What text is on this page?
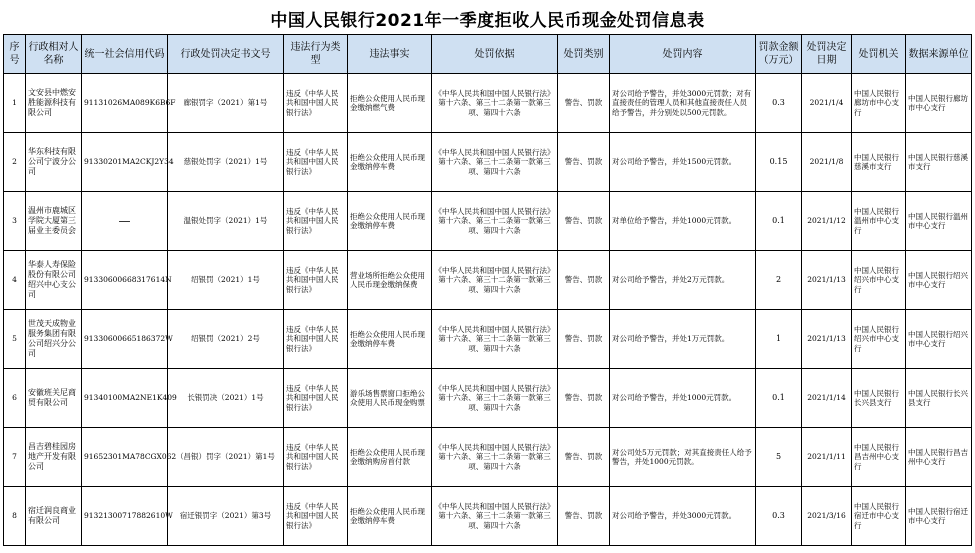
中国人民银行2021年一季度拒收人民币现金处罚信息表
序号	行政相对人名称	统一社会信用代码	行政处罚决定书文号	违法行为类型	违法事实	处罚依据	处罚类别	处罚内容	罚款金额（万元）	处罚决定日期	处罚机关	数据来源单位
1	文安县中燃安胜能源科技有限公司	91131026MA089K6B6F	廊银罚字（2021）第1号	违反《中华人民共和国中国人民银行法》	拒绝公众使用人民币现金缴纳燃气费	《中华人民共和国中国人民银行法》第十六条、第三十二条第一款第三项、第四十六条	警告、罚款	对公司给予警告，并处3000元罚款；对有直接责任的管理人员和其他直接责任人员给予警告，并分别处以500元罚款。	0.3	2021/1/4	中国人民银行廊坊市中心支行	中国人民银行廊坊市中心支行
2	华东科技有限公司宁波分公司	91330201MA2CKJ2Y34	慈银处罚字（2021）1号	违反《中华人民共和国中国人民银行法》	拒绝公众使用人民币现金缴纳停车费	《中华人民共和国中国人民银行法》第十六条、第三十二条第一款第三项、第四十六条	警告、罚款	对公司给予警告，并处1500元罚款。	0.15	2021/1/8	中国人民银行慈溪市支行	中国人民银行慈溪市支行
3	温州市鹿城区学院大厦第三届业主委员会	—	温银处罚字（2021）1号	违反《中华人民共和国中国人民银行法》	拒绝公众使用人民币现金缴纳停车费	《中华人民共和国中国人民银行法》第十六条、第三十二条第一款第三项、第四十六条	警告、罚款	对单位给予警告，并处1000元罚款。	0.1	2021/1/12	中国人民银行温州市中心支行	中国人民银行温州市中心支行
4	华泰人寿保险股份有限公司绍兴中心支公司	91330600668317614N	绍银罚（2021）1号	违反《中华人民共和国中国人民银行法》	营业场所拒绝公众使用人民币现金缴纳保费	《中华人民共和国中国人民银行法》第十六条、第三十二条第一款第三项、第四十六条	警告、罚款	对公司给予警告，并处2万元罚款。	2	2021/1/13	中国人民银行绍兴市中心支行	中国人民银行绍兴市中心支行
5	世茂天成物业服务集团有限公司绍兴分公司	91330600665186372W	绍银罚（2021）2号	违反《中华人民共和国中国人民银行法》	拒绝公众使用人民币现金缴纳停车费	《中华人民共和国中国人民银行法》第十六条、第三十二条第一款第三项、第四十六条	警告、罚款	对公司给予警告，并处1万元罚款。	1	2021/1/13	中国人民银行绍兴市中心支行	中国人民银行绍兴市中心支行
6	安徽班关尼商贸有限公司	91340100MA2NE1K409	长银罚决（2021）1号	违反《中华人民共和国中国人民银行法》	游乐场售票窗口拒绝公众使用人民币现金购票	《中华人民共和国中国人民银行法》第十六条、第三十二条第一款第三项、第四十六条	警告、罚款	对公司给予警告，并处1000元罚款。	0.1	2021/1/14	中国人民银行长兴县支行	中国人民银行长兴县支行
7	昌吉碧桂园房地产开发有限公司	91652301MA78CGX062	（昌银）罚字（2021）第1号	违反《中华人民共和国中国人民银行法》	拒绝公众使用人民币现金缴纳购房首付款	《中华人民共和国中国人民银行法》第十六条、第三十二条第一款第三项、第四十六条	警告、罚款	对公司处5万元罚款；对其直接责任人给予警告，并处1000元罚款。	5	2021/1/11	中国人民银行昌吉州中心支行	中国人民银行昌吉州中心支行
8	宿迁润良商业有限公司	91321300717882610W	宿迁银罚字（2021）第3号	违反《中华人民共和国中国人民银行法》	拒绝公众使用人民币现金缴纳停车费	《中华人民共和国中国人民银行法》第十六条、第三十二条第一款第三项、第四十六条	警告、罚款	对公司给予警告，并处3000元罚款。	0.3	2021/3/16	中国人民银行宿迁市中心支行	中国人民银行宿迁市中心支行
